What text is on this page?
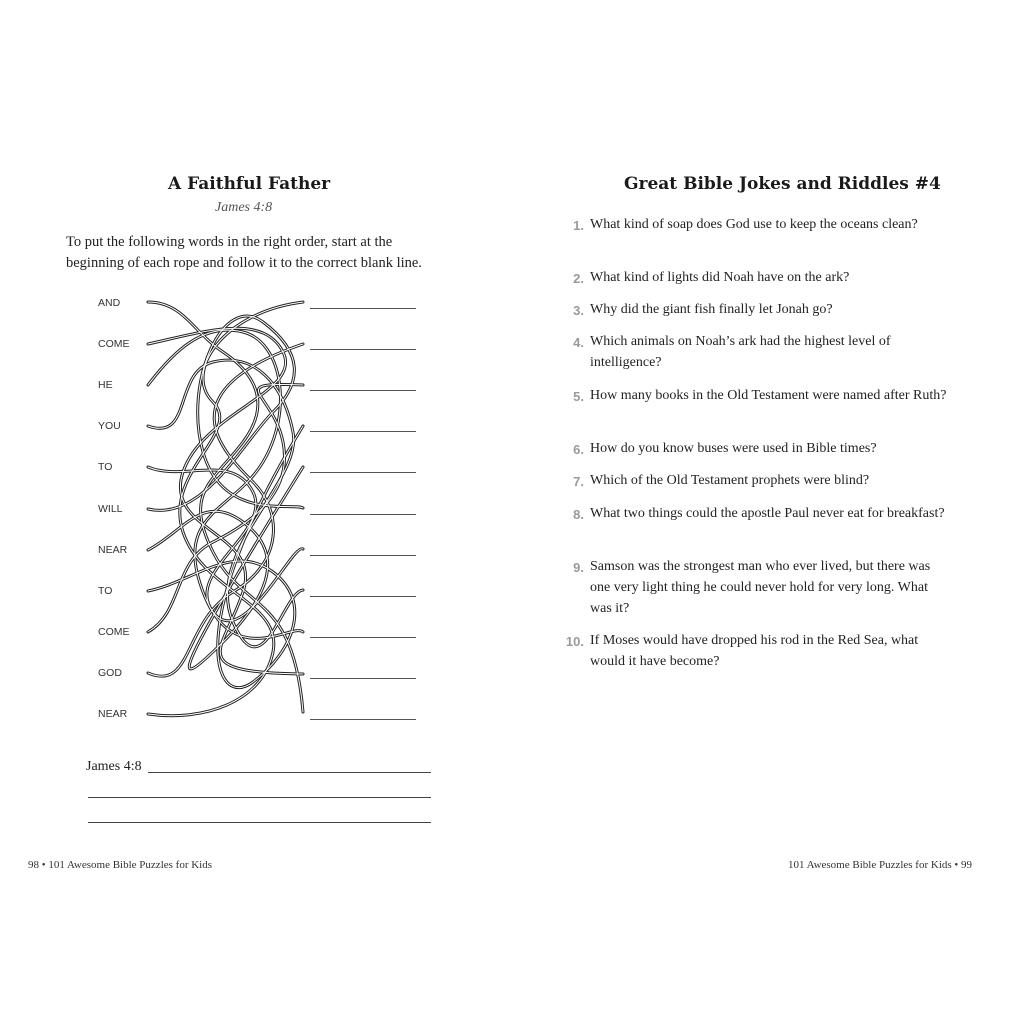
A Faithful Father
James 4:8
To put the following words in the right order, start at the beginning of each rope and follow it to the correct blank line.
AND
COME
HE
YOU
TO
WILL
NEAR
TO
COME
GOD
NEAR
James 4:8
98 • 101 Awesome Bible Puzzles for Kids
Great Bible Jokes and Riddles #4
1. What kind of soap does God use to keep the oceans clean?
2. What kind of lights did Noah have on the ark?
3. Why did the giant fish finally let Jonah go?
4. Which animals on Noah’s ark had the highest level of intelligence?
5. How many books in the Old Testament were named after Ruth?
6. How do you know buses were used in Bible times?
7. Which of the Old Testament prophets were blind?
8. What two things could the apostle Paul never eat for breakfast?
9. Samson was the strongest man who ever lived, but there was one very light thing he could never hold for very long. What was it?
10. If Moses would have dropped his rod in the Red Sea, what would it have become?
101 Awesome Bible Puzzles for Kids • 99
